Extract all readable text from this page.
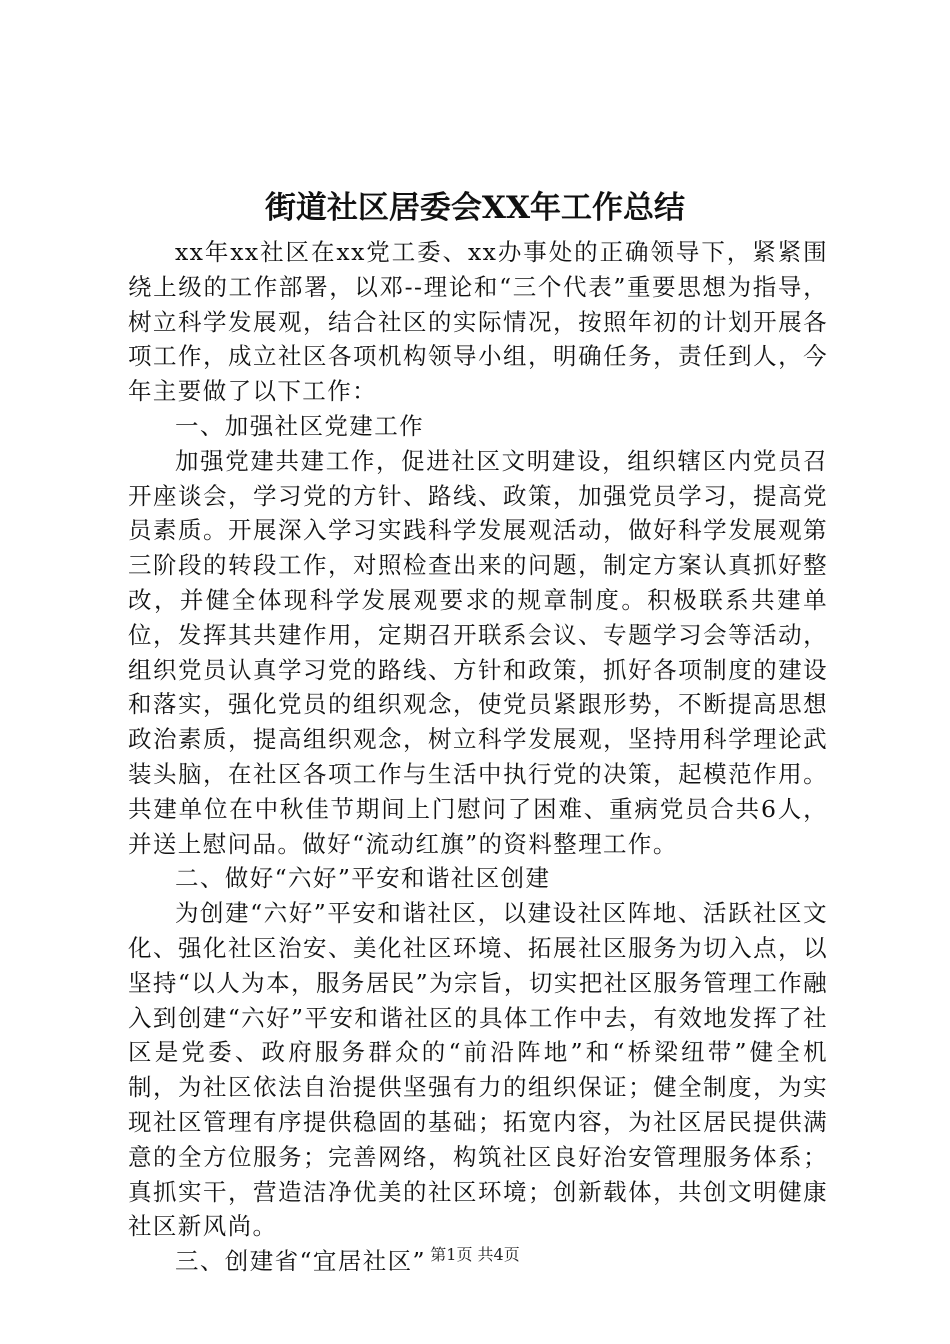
街道社区居委会XX年工作总结

xx年xx社区在xx党工委、xx办事处的正确领导下，紧紧围绕上级的工作部署，以邓--理论和“三个代表”重要思想为指导，树立科学发展观，结合社区的实际情况，按照年初的计划开展各项工作，成立社区各项机构领导小组，明确任务，责任到人，今年主要做了以下工作：

一、加强社区党建工作

加强党建共建工作，促进社区文明建设，组织辖区内党员召开座谈会，学习党的方针、路线、政策，加强党员学习，提高党员素质。开展深入学习实践科学发展观活动，做好科学发展观第三阶段的转段工作，对照检查出来的问题，制定方案认真抓好整改，并健全体现科学发展观要求的规章制度。积极联系共建单位，发挥其共建作用，定期召开联系会议、专题学习会等活动，组织党员认真学习党的路线、方针和政策，抓好各项制度的建设和落实，强化党员的组织观念，使党员紧跟形势，不断提高思想政治素质，提高组织观念，树立科学发展观，坚持用科学理论武装头脑，在社区各项工作与生活中执行党的决策，起模范作用。共建单位在中秋佳节期间上门慰问了困难、重病党员合共6人，并送上慰问品。做好“流动红旗”的资料整理工作。

二、做好“六好”平安和谐社区创建

为创建“六好”平安和谐社区，以建设社区阵地、活跃社区文化、强化社区治安、美化社区环境、拓展社区服务为切入点，以坚持“以人为本，服务居民”为宗旨，切实把社区服务管理工作融入到创建“六好”平安和谐社区的具体工作中去，有效地发挥了社区是党委、政府服务群众的“前沿阵地”和“桥梁纽带”健全机制，为社区依法自治提供坚强有力的组织保证；健全制度，为实现社区管理有序提供稳固的基础；拓宽内容，为社区居民提供满意的全方位服务；完善网络，构筑社区良好治安管理服务体系；真抓实干，营造洁净优美的社区环境；创新载体，共创文明健康社区新风尚。

三、创建省“宜居社区” 第1页 共4页
